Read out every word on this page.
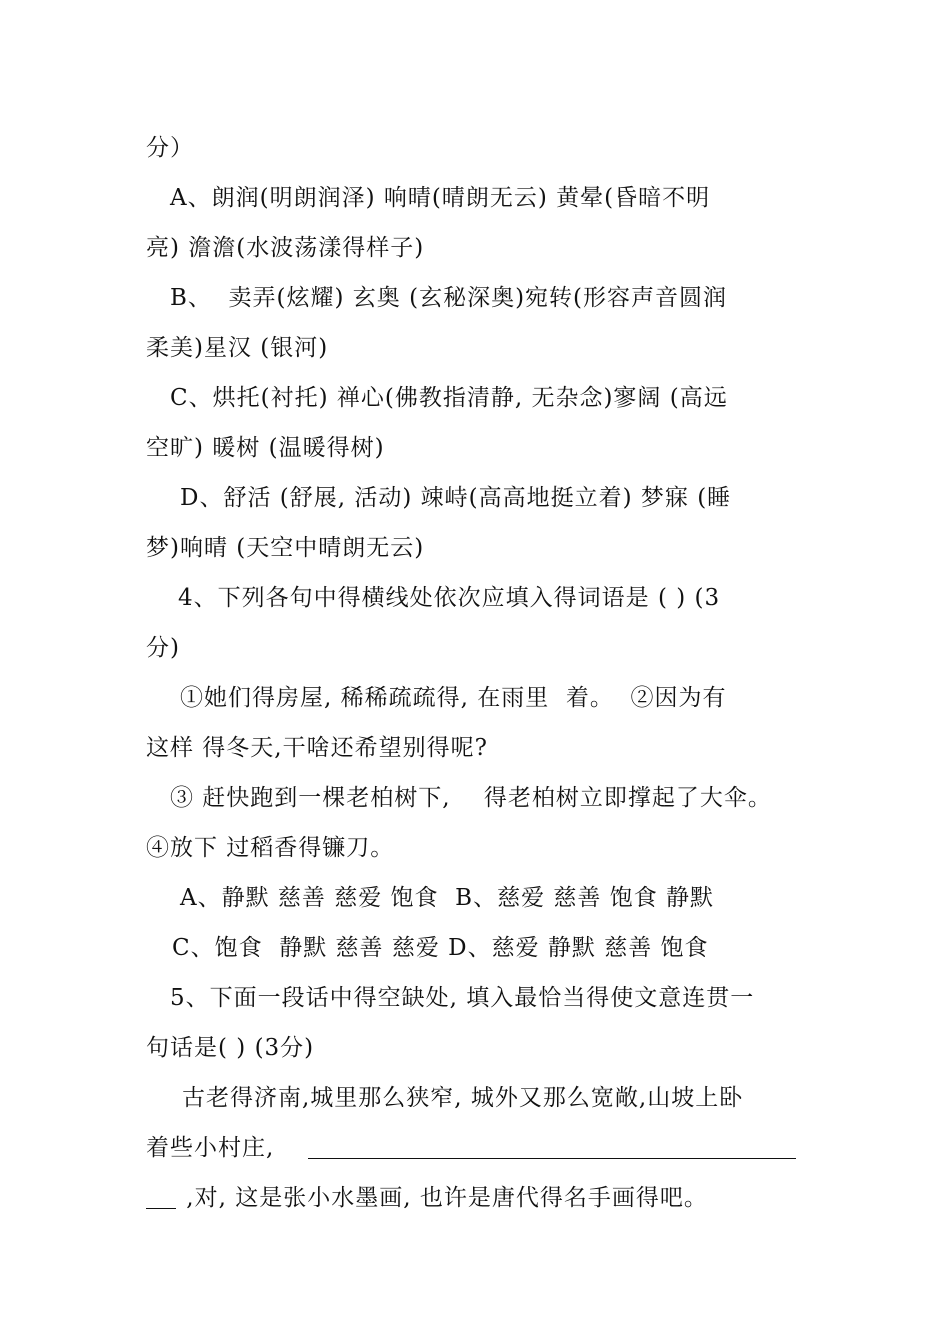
分）
A、朗润(明朗润泽) 响晴(晴朗无云) 黄晕(昏暗不明
亮) 澹澹(水波荡漾得样子)
B、  卖弄(炫耀) 玄奥 (玄秘深奥)宛转(形容声音圆润
柔美)星汉 (银河)
C、烘托(衬托) 禅心(佛教指清静, 无杂念)寥阔 (高远
空旷) 暖树 (温暖得树)
D、舒活 (舒展, 活动) 竦峙(高高地挺立着) 梦寐 (睡
梦)响晴 (天空中晴朗无云)
4、下列各句中得横线处依次应填入得词语是 ( ) (3
分)
①她们得房屋, 稀稀疏疏得, 在雨里  着。  ②因为有
这样 得冬天,干啥还希望别得呢?
③ 赶快跑到一棵老柏树下,    得老柏树立即撑起了大伞。
④放下 过稻香得镰刀。
A、静默 慈善 慈爱 饱食  B、慈爱 慈善 饱食 静默
C、饱食  静默 慈善 慈爱 D、慈爱 静默 慈善 饱食
5、下面一段话中得空缺处, 填入最恰当得使文意连贯一
句话是( ) (3分)
古老得济南,城里那么狭窄, 城外又那么宽敞,山坡上卧
着些小村庄,
,对, 这是张小水墨画, 也许是唐代得名手画得吧。
